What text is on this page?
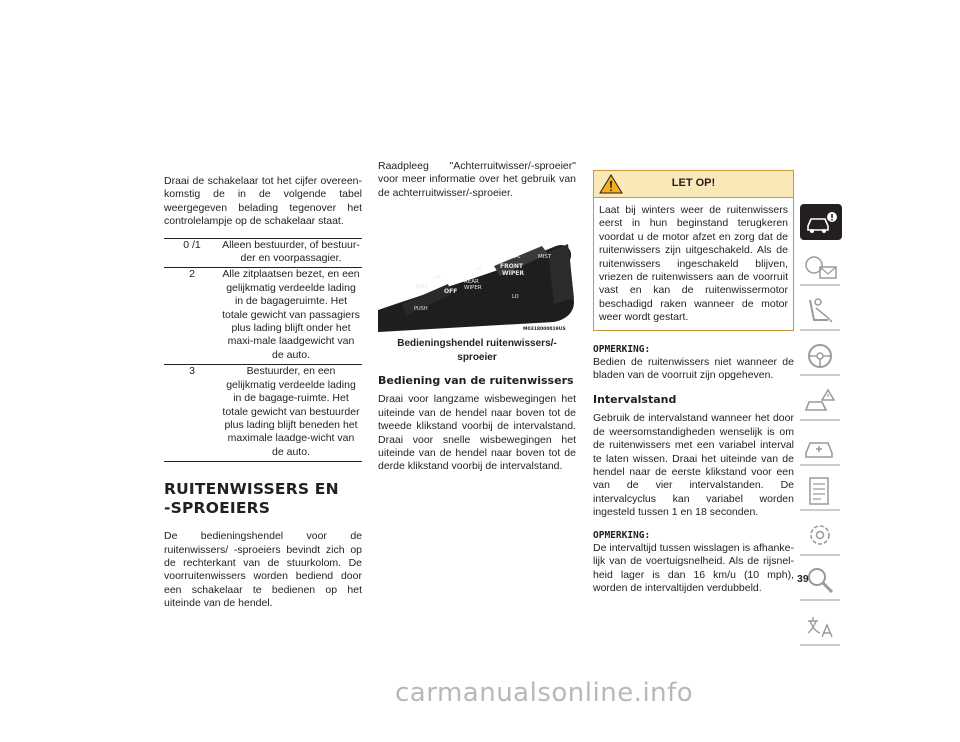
Draai de schakelaar tot het cijfer overeen-komstig de in de volgende tabel weergegeven belading tegenover het controlelampje op de schakelaar staat.

0 /1	Alleen bestuurder, of bestuur-der en voorpassagier.
2	Alle zitplaatsen bezet, en een gelijkmatig verdeelde lading in de bagageruimte. Het totale gewicht van passagiers plus lading blijft onder het maxi-male laadgewicht van de auto.
3	Bestuurder, en een gelijkmatig verdeelde lading in de bagage-ruimte. Het totale gewicht van bestuurder plus lading blijft beneden het maximale laadge-wicht van de auto.
RUITENWISSERS EN
-SPROEIERS

De bedieningshendel voor de ruitenwissers/ -sproeiers bevindt zich op de rechterkant van de stuurkolom. De voorruitenwissers worden bediend door een schakelaar te bedienen op het uiteinde van de hendel.

Raadpleeg "Achterruitwisser/-sproeier" voor meer informatie over het gebruik van de achterruitwisser/-sproeier.

PULL
OFF
REAR
WIPER
FRONT
WIPER
MIST
LO
PUSH
M0318000019US
Bedieningshendel ruitenwissers/-sproeier
Bediening van de ruitenwissers

Draai voor langzame wisbewegingen het uiteinde van de hendel naar boven tot de tweede klikstand voorbij de intervalstand. Draai voor snelle wisbewegingen het uiteinde van de hendel naar boven tot de derde klikstand voorbij de intervalstand.

LET OP!
Laat bij winters weer de ruitenwissers eerst in hun beginstand terugkeren voordat u de motor afzet en zorg dat de ruitenwissers zijn uitgeschakeld. Als de ruitenwissers ingeschakeld blijven, vriezen de ruitenwissers aan de voorruit vast en kan de ruitenwissermotor beschadigd raken wanneer de motor weer wordt gestart.
OPMERKING:
Bedien de ruitenwissers niet wanneer de bladen van de voorruit zijn opgeheven.
Intervalstand

Gebruik de intervalstand wanneer het door de weersomstandigheden wenselijk is om de ruitenwissers met een variabel interval te laten wissen. Draai het uiteinde van de hendel naar de eerste klikstand voor een van de vier intervalstanden. De intervalcyclus kan variabel worden ingesteld tussen 1 en 18 seconden.

OPMERKING:
De intervaltijd tussen wisslagen is afhanke-lijk van de voertuigsnelheid. Als de rijsnel-heid lager is dan 16 km/u (10 mph), worden de intervaltijden verdubbeld.
39
carmanualsonline.info
